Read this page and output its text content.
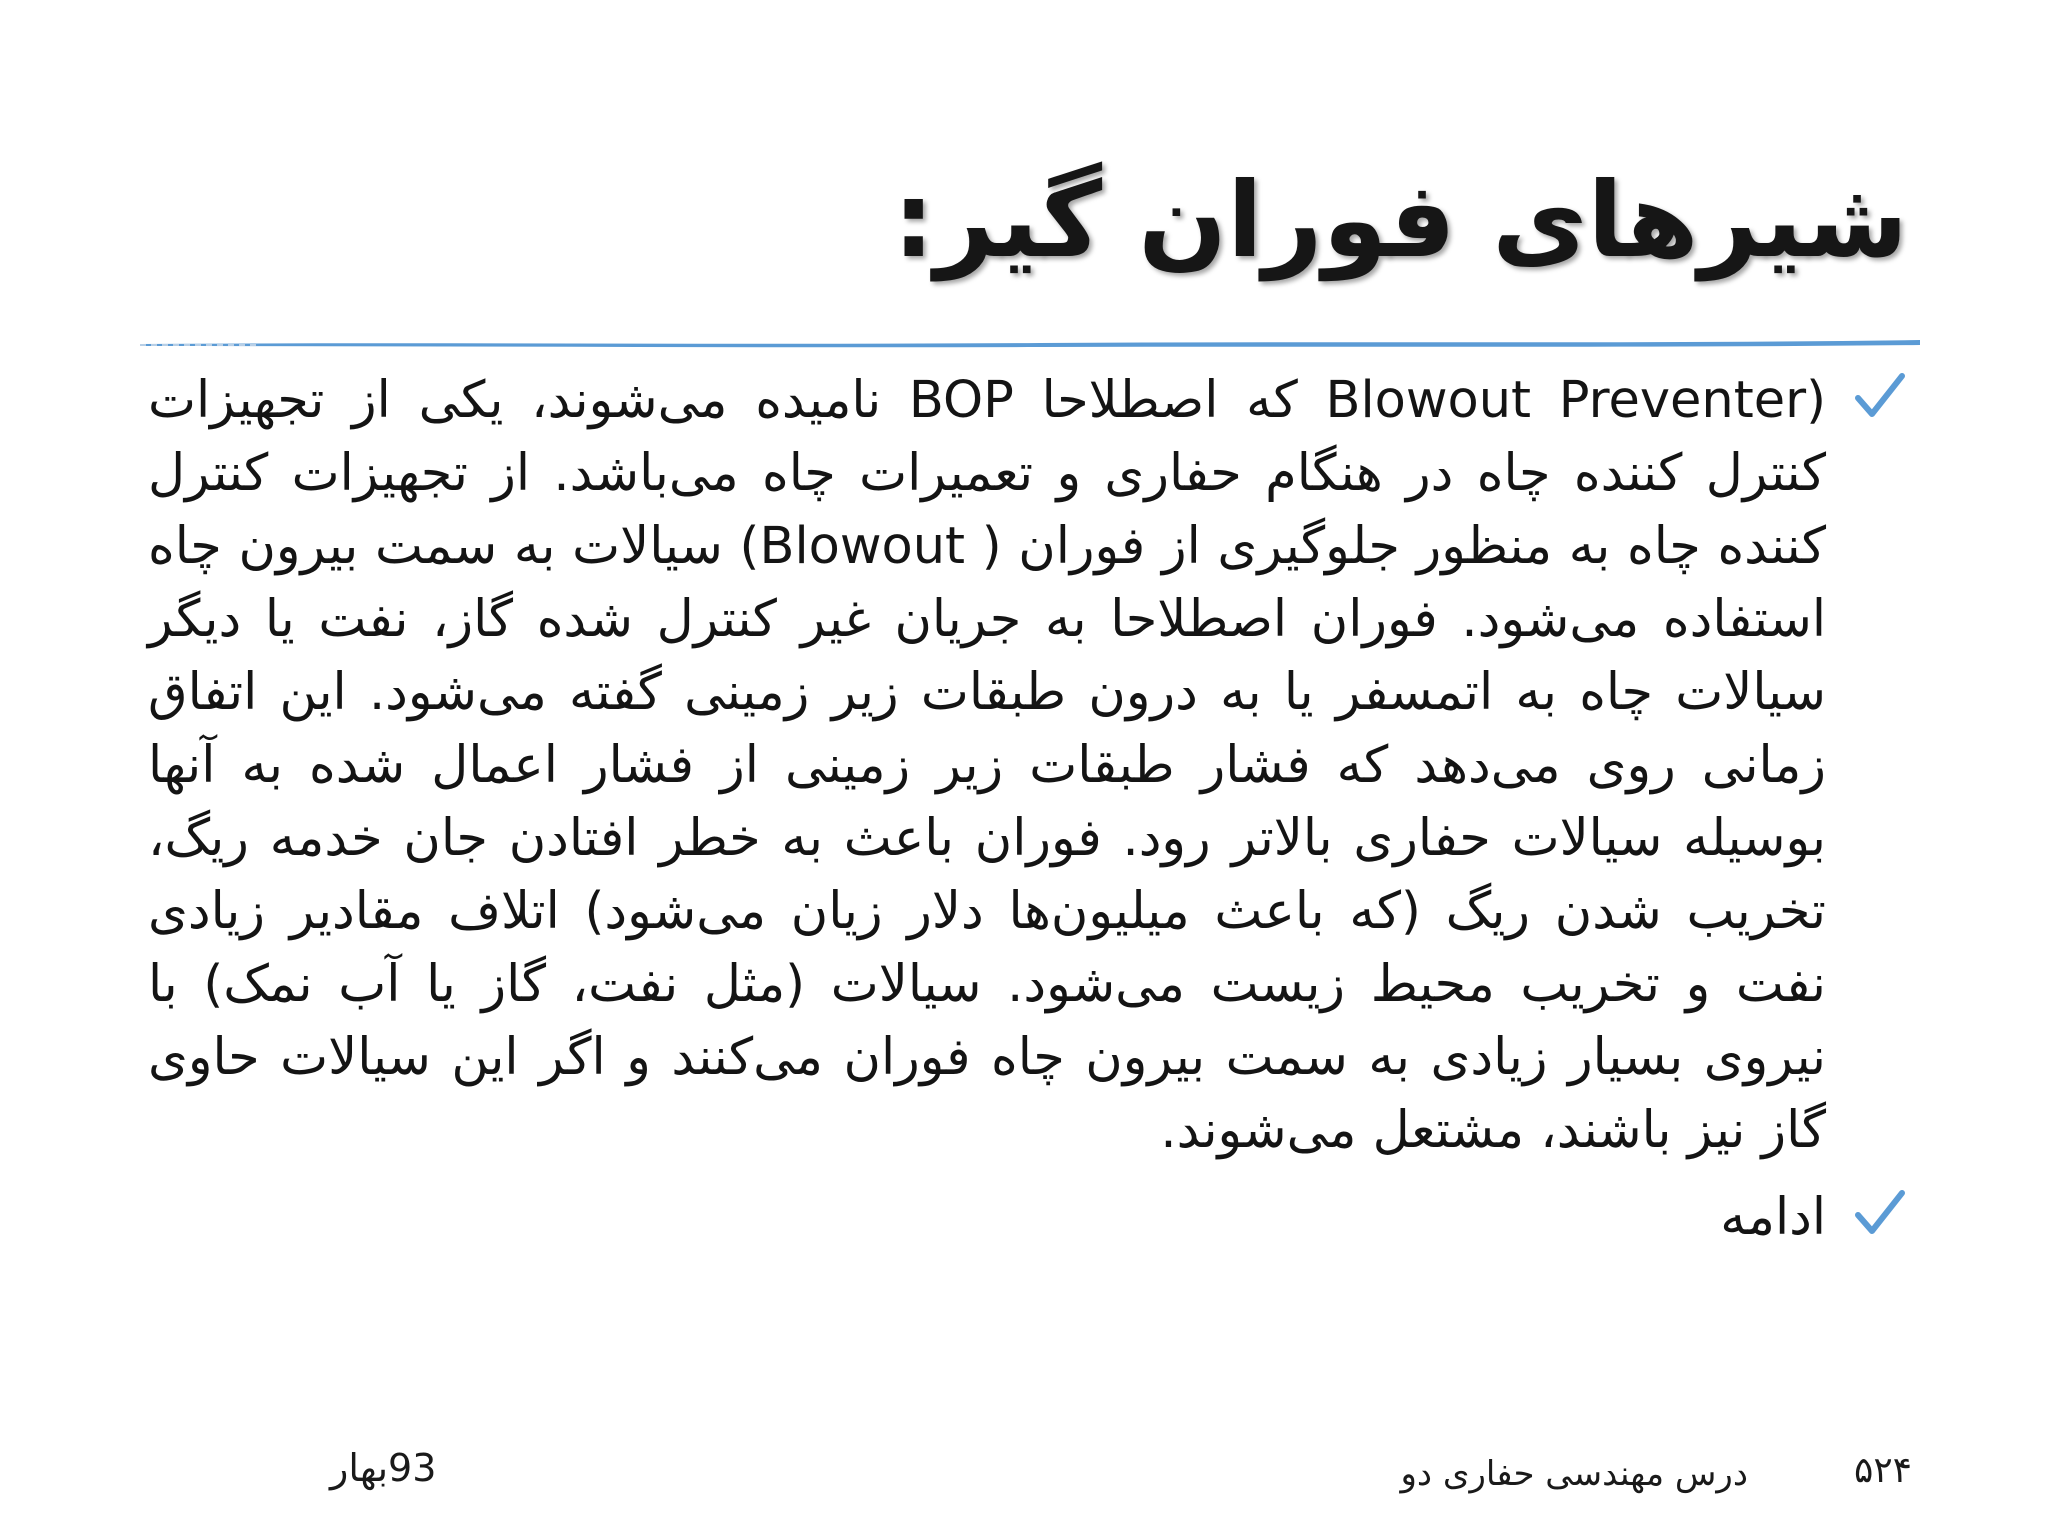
شیرهای فوران گیر:
(Blowout Preventer که اصطلاحا BOP نامیده می‌شوند، یکی از تجهیزات کنترل کننده چاه در هنگام حفاری و تعمیرات چاه می‌باشد. از تجهیزات کنترل کننده چاه به منظور جلوگیری از فوران ( Blowout) سیالات به سمت بیرون چاه استفاده می‌شود. فوران اصطلاحا به جریان غیر کنترل شده گاز، نفت یا دیگر سیالات چاه به اتمسفر یا به درون طبقات زیر زمینی گفته می‌شود. این اتفاق زمانی روی می‌دهد که فشار طبقات زیر زمینی از فشار اعمال شده به آنها بوسیله سیالات حفاری بالاتر رود. فوران باعث به خطر افتادن جان خدمه ریگ، تخریب شدن ریگ (که باعث میلیون‌ها دلار زیان می‌شود) اتلاف مقادیر زیادی نفت و تخریب محیط زیست می‌شود. سیالات (مثل نفت، گاز یا آب نمک) با نیروی بسیار زیادی به سمت بیرون چاه فوران می‌کنند و اگر این سیالات حاوی گاز نیز باشند، مشتعل می‌شوند.
ادامه
93بهار	درس مهندسی حفاری دو	۵۲۴
